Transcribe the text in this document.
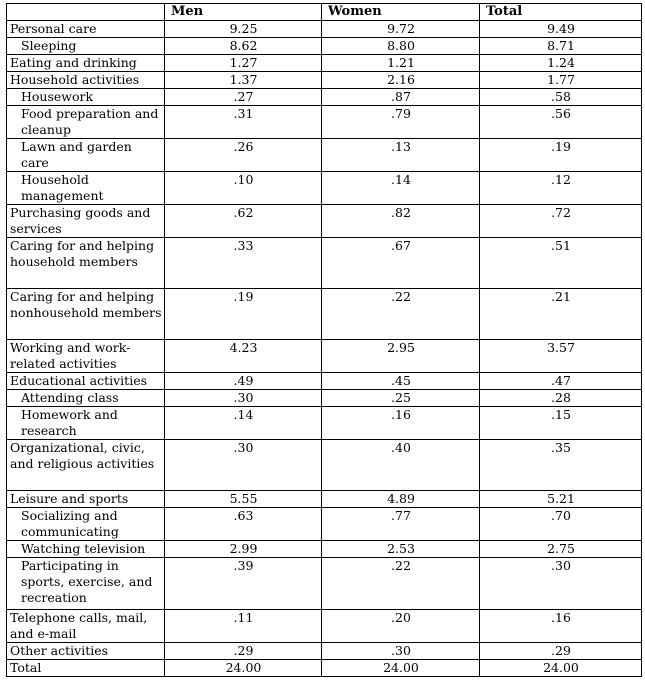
	Men	Women	Total
Personal care	9.25	9.72	9.49
Sleeping	8.62	8.80	8.71
Eating and drinking	1.27	1.21	1.24
Household activities	1.37	2.16	1.77
Housework	.27	.87	.58
Food preparation and cleanup	.31	.79	.56
Lawn and garden care	.26	.13	.19
Household management	.10	.14	.12
Purchasing goods and services	.62	.82	.72
Caring for and helping household members	.33	.67	.51
Caring for and helping nonhousehold members	.19	.22	.21
Working and work-related activities	4.23	2.95	3.57
Educational activities	.49	.45	.47
Attending class	.30	.25	.28
Homework and research	.14	.16	.15
Organizational, civic, and religious activities	.30	.40	.35
Leisure and sports	5.55	4.89	5.21
Socializing and communicating	.63	.77	.70
Watching television	2.99	2.53	2.75
Participating in sports, exercise, and recreation	.39	.22	.30
Telephone calls, mail, and e-mail	.11	.20	.16
Other activities	.29	.30	.29
Total	24.00	24.00	24.00
